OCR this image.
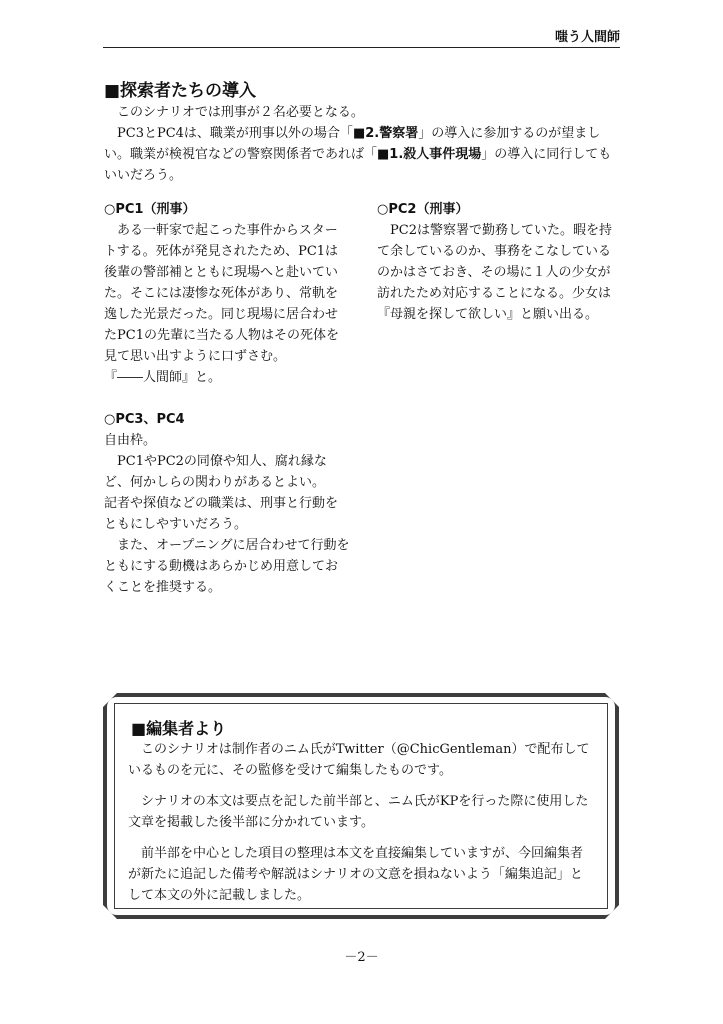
嗤う人間師
■探索者たちの導入

このシナリオでは刑事が２名必要となる。

PC3とPC4は、職業が刑事以外の場合「■2.警察署」の導入に参加するのが望ましい。職業が検視官などの警察関係者であれば「■1.殺人事件現場」の導入に同行してもいいだろう。

○PC1（刑事）

ある一軒家で起こった事件からスタートする。死体が発見されたため、PC1は後輩の警部補とともに現場へと赴いていた。そこには凄惨な死体があり、常軌を逸した光景だった。同じ現場に居合わせたPC1の先輩に当たる人物はその死体を見て思い出すように口ずさむ。

『――人間師』と。

○PC3、PC4

自由枠。

PC1やPC2の同僚や知人、腐れ縁など、何かしらの関わりがあるとよい。

記者や探偵などの職業は、刑事と行動をともにしやすいだろう。

また、オープニングに居合わせて行動をともにする動機はあらかじめ用意しておくことを推奨する。

○PC2（刑事）

PC2は警察署で勤務していた。暇を持て余しているのか、事務をこなしているのかはさておき、その場に１人の少女が訪れたため対応することになる。少女は『母親を探して欲しい』と願い出る。

■編集者より

このシナリオは制作者のニム氏がTwitter（@ChicGentleman）で配布しているものを元に、その監修を受けて編集したものです。

シナリオの本文は要点を記した前半部と、ニム氏がKPを行った際に使用した文章を掲載した後半部に分かれています。

前半部を中心とした項目の整理は本文を直接編集していますが、今回編集者が新たに追記した備考や解説はシナリオの文意を損ねないよう「編集追記」として本文の外に記載しました。

－2－
